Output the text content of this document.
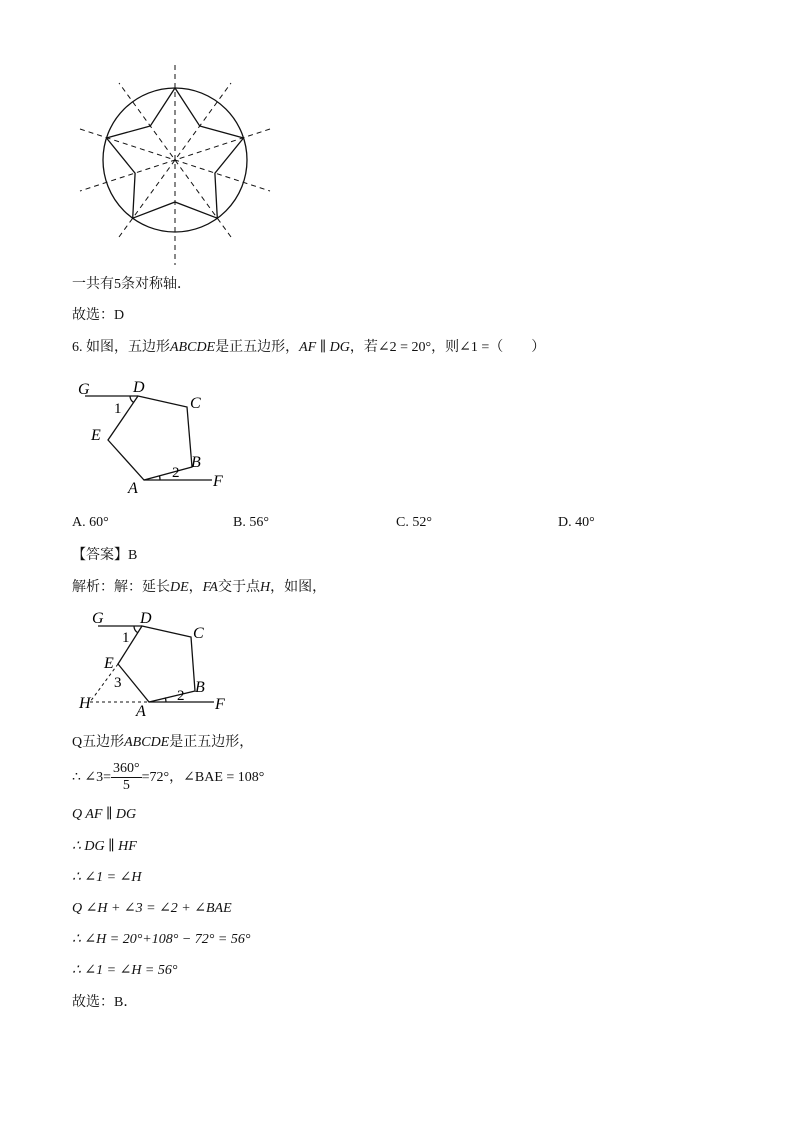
一共有5条对称轴．
故选：D
6. 如图，五边形ABCDE是正五边形，AF ∥ DG，若∠2 = 20°，则∠1 =（　　）
G	D
C
E
B
A	F
1
2
A. 60°	B. 56°	C. 52°	D. 40°
【答案】B
解析：解：延长DE，FA交于点H，如图，
G D
C
E
B
A	F
H
1
2
3
Q五边形ABCDE是正五边形，
∴ ∠3= $\frac{360^\circ}{5} =72^\circ$，∠BAE = 108°
Q AF ∥ DG
∴ DG ∥ HF
∴ ∠1 = ∠H
Q ∠H + ∠3 = ∠2 + ∠BAE
∴ ∠H = 20°+108° − 72° = 56°
∴ ∠1 = ∠H = 56°
故选：B．
